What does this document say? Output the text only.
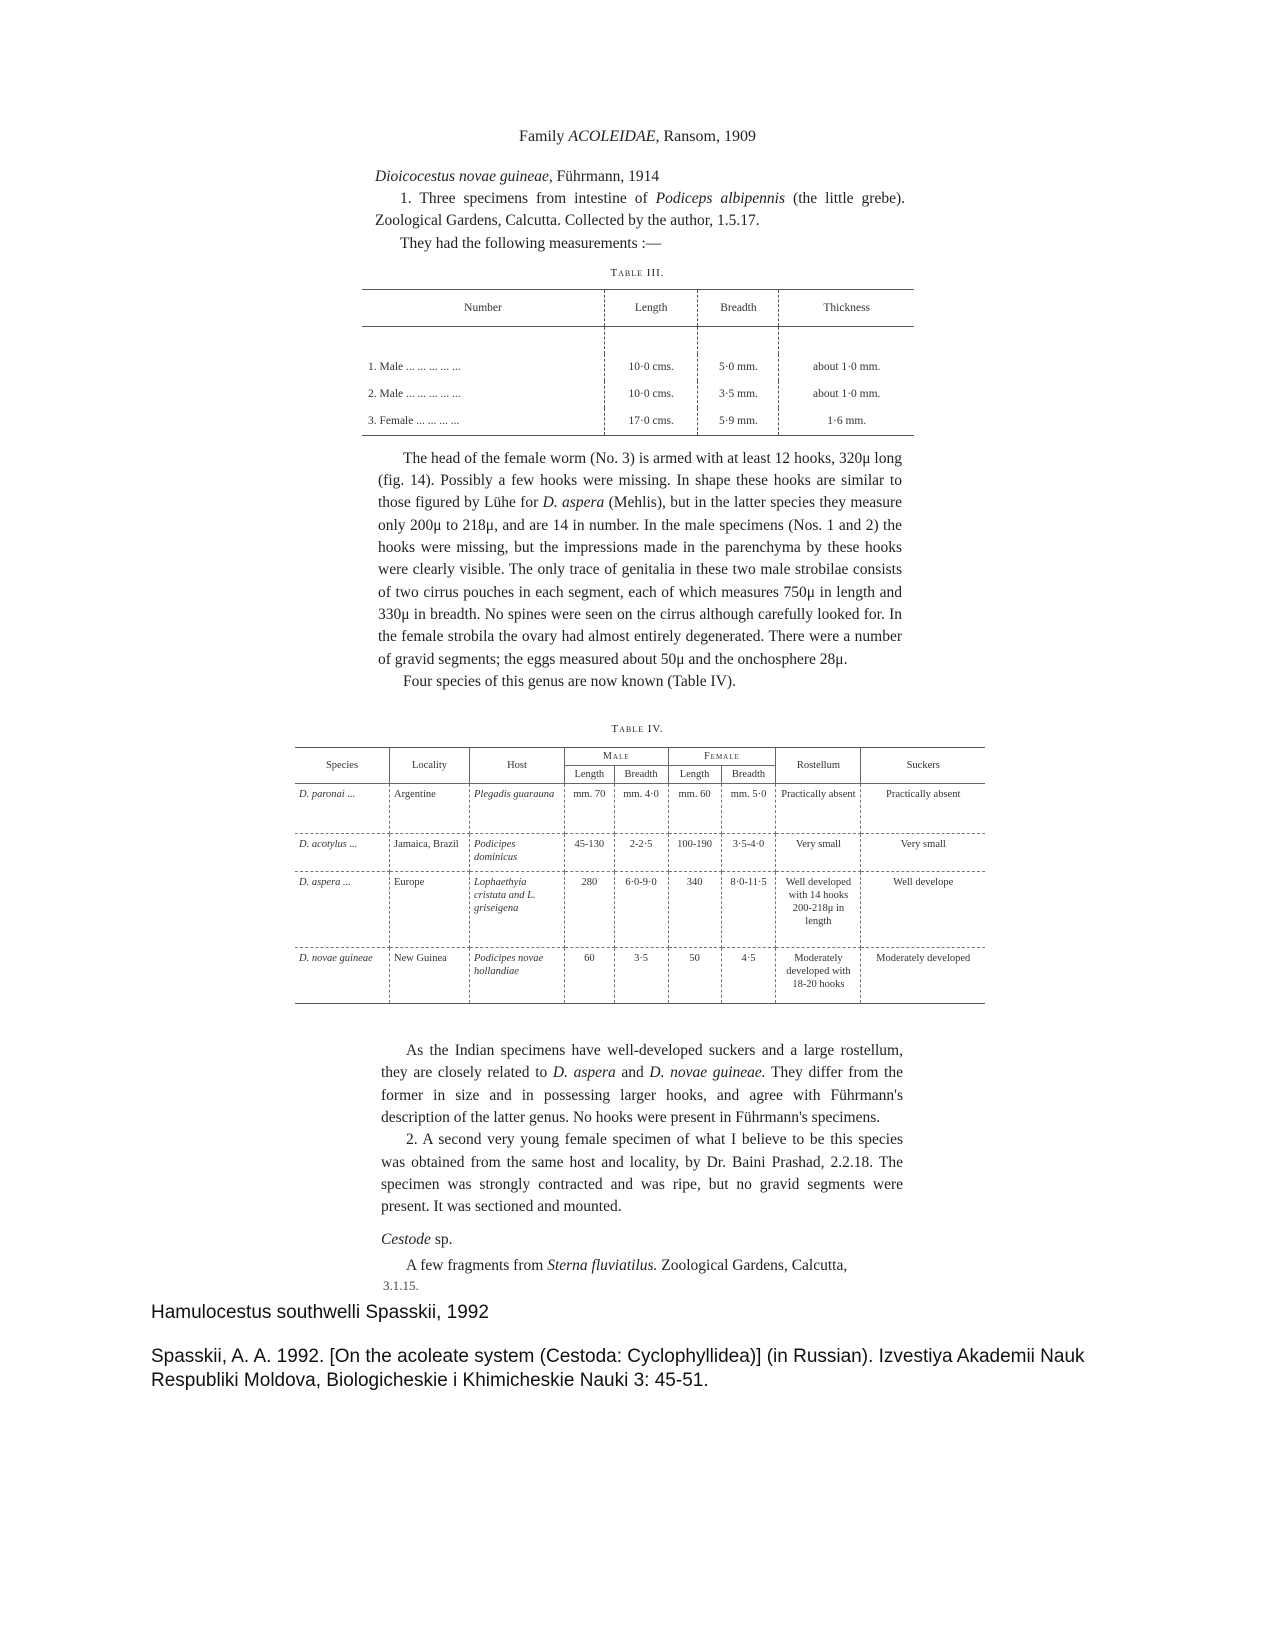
Family ACOLEIDAE, Ransom, 1909
Dioicocestus novae guineae, Führmann, 1914
1. Three specimens from intestine of Podiceps albipennis (the little grebe). Zoological Gardens, Calcutta. Collected by the author, 1.5.17.
They had the following measurements :—
Table III.
Number	Length	Breadth	Thickness

1. Male ... ... ... ... ...	10·0 cms.	5·0 mm.	about 1·0 mm.
2. Male ... ... ... ... ...	10·0 cms.	3·5 mm.	about 1·0 mm.
3. Female ... ... ... ...	17·0 cms.	5·9 mm.	1·6 mm.
The head of the female worm (No. 3) is armed with at least 12 hooks, 320μ long (fig. 14). Possibly a few hooks were missing. In shape these hooks are similar to those figured by Lühe for D. aspera (Mehlis), but in the latter species they measure only 200μ to 218μ, and are 14 in number. In the male specimens (Nos. 1 and 2) the hooks were missing, but the impressions made in the parenchyma by these hooks were clearly visible. The only trace of genitalia in these two male strobilae consists of two cirrus pouches in each segment, each of which measures 750μ in length and 330μ in breadth. No spines were seen on the cirrus although carefully looked for. In the female strobila the ovary had almost entirely degenerated. There were a number of gravid segments; the eggs measured about 50μ and the onchosphere 28μ.
Four species of this genus are now known (Table IV).
Table IV.
Species	Locality	Host	Male		Female		Rostellum	Suckers
			Length	Breadth	Length	Breadth		
D. paronai ...	Argentine	Plegadis guarauna	mm. 70	mm. 4·0	mm. 60	mm. 5·0	Practically absent	Practically absent
D. acotylus ...	Jamaica, Brazil	Podicipes dominicus	45-130	2-2·5	100-190	3·5-4·0	Very small	Very small
D. aspera ...	Europe	Lophaethyia cristata and L. griseigena	280	6·0-9·0	340	8·0-11·5	Well developed with 14 hooks 200-218μ in length	Well develope
D. novae guineae	New Guinea	Podicipes novae hollandiae	60	3·5	50	4·5	Moderately developed with 18-20 hooks	Moderately developed
As the Indian specimens have well-developed suckers and a large rostellum, they are closely related to D. aspera and D. novae guineae. They differ from the former in size and in possessing larger hooks, and agree with Führmann's description of the latter genus. No hooks were present in Führmann's specimens.
2. A second very young female specimen of what I believe to be this species was obtained from the same host and locality, by Dr. Baini Prashad, 2.2.18. The specimen was strongly contracted and was ripe, but no gravid segments were present. It was sectioned and mounted.
Cestode sp.
A few fragments from Sterna fluviatilus. Zoological Gardens, Calcutta,
3.1.15.
Hamulocestus southwelli Spasskii, 1992
Spasskii, A. A. 1992. [On the acoleate system (Cestoda: Cyclophyllidea)] (in Russian). Izvestiya Akademii Nauk Respubliki Moldova, Biologicheskie i Khimicheskie Nauki 3: 45-51.
